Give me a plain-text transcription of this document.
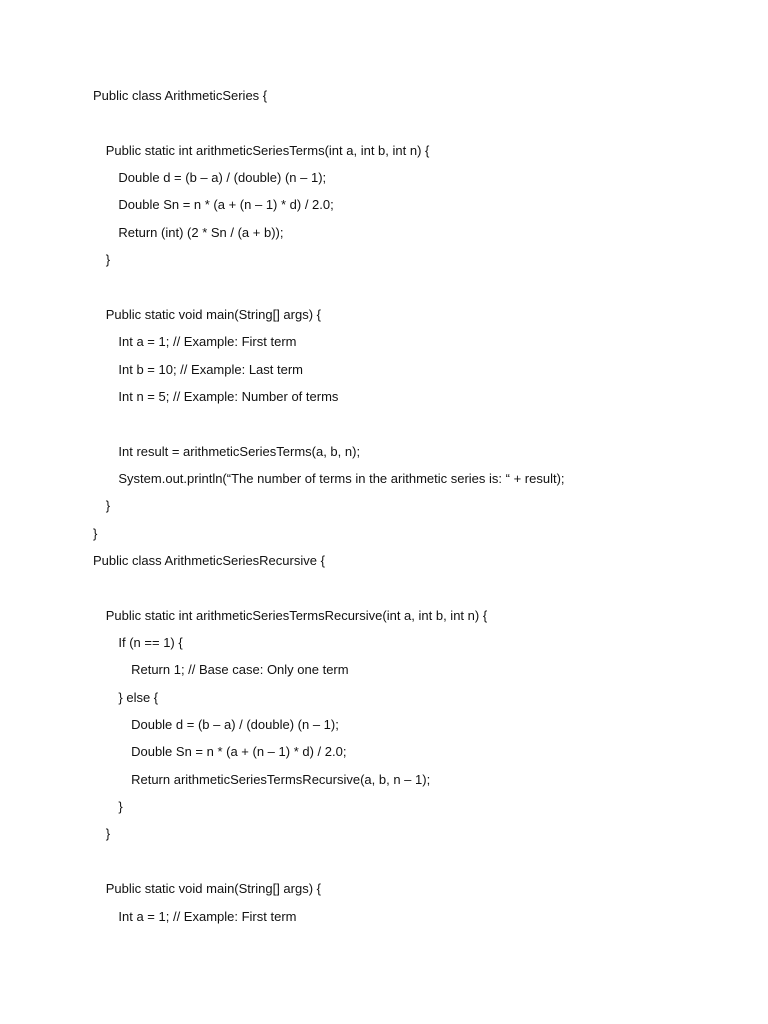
Public class ArithmeticSeries {
Public static int arithmeticSeriesTerms(int a, int b, int n) {
Double d = (b – a) / (double) (n – 1);
Double Sn = n * (a + (n – 1) * d) / 2.0;
Return (int) (2 * Sn / (a + b));
}
Public static void main(String[] args) {
Int a = 1; // Example: First term
Int b = 10; // Example: Last term
Int n = 5; // Example: Number of terms
Int result = arithmeticSeriesTerms(a, b, n);
System.out.println(“The number of terms in the arithmetic series is: “ + result);
}
}
Public class ArithmeticSeriesRecursive {
Public static int arithmeticSeriesTermsRecursive(int a, int b, int n) {
If (n == 1) {
Return 1; // Base case: Only one term
} else {
Double d = (b – a) / (double) (n – 1);
Double Sn = n * (a + (n – 1) * d) / 2.0;
Return arithmeticSeriesTermsRecursive(a, b, n – 1);
}
}
Public static void main(String[] args) {
Int a = 1; // Example: First term
